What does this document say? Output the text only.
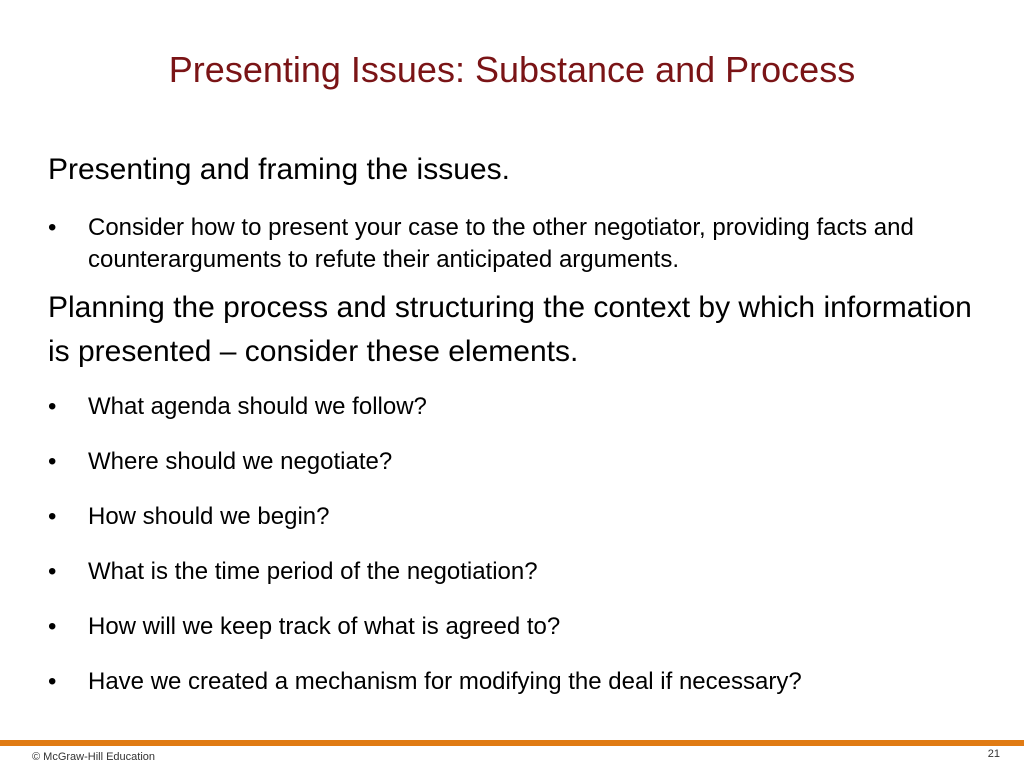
Presenting Issues: Substance and Process
Presenting and framing the issues.
•	Consider how to present your case to the other negotiator, providing facts and counterarguments to refute their anticipated arguments.
Planning the process and structuring the context by which information is presented – consider these elements.
•	What agenda should we follow?
•	Where should we negotiate?
•	How should we begin?
•	What is the time period of the negotiation?
•	How will we keep track of what is agreed to?
•	Have we created a mechanism for modifying the deal if necessary?
© McGraw-Hill Education	21
